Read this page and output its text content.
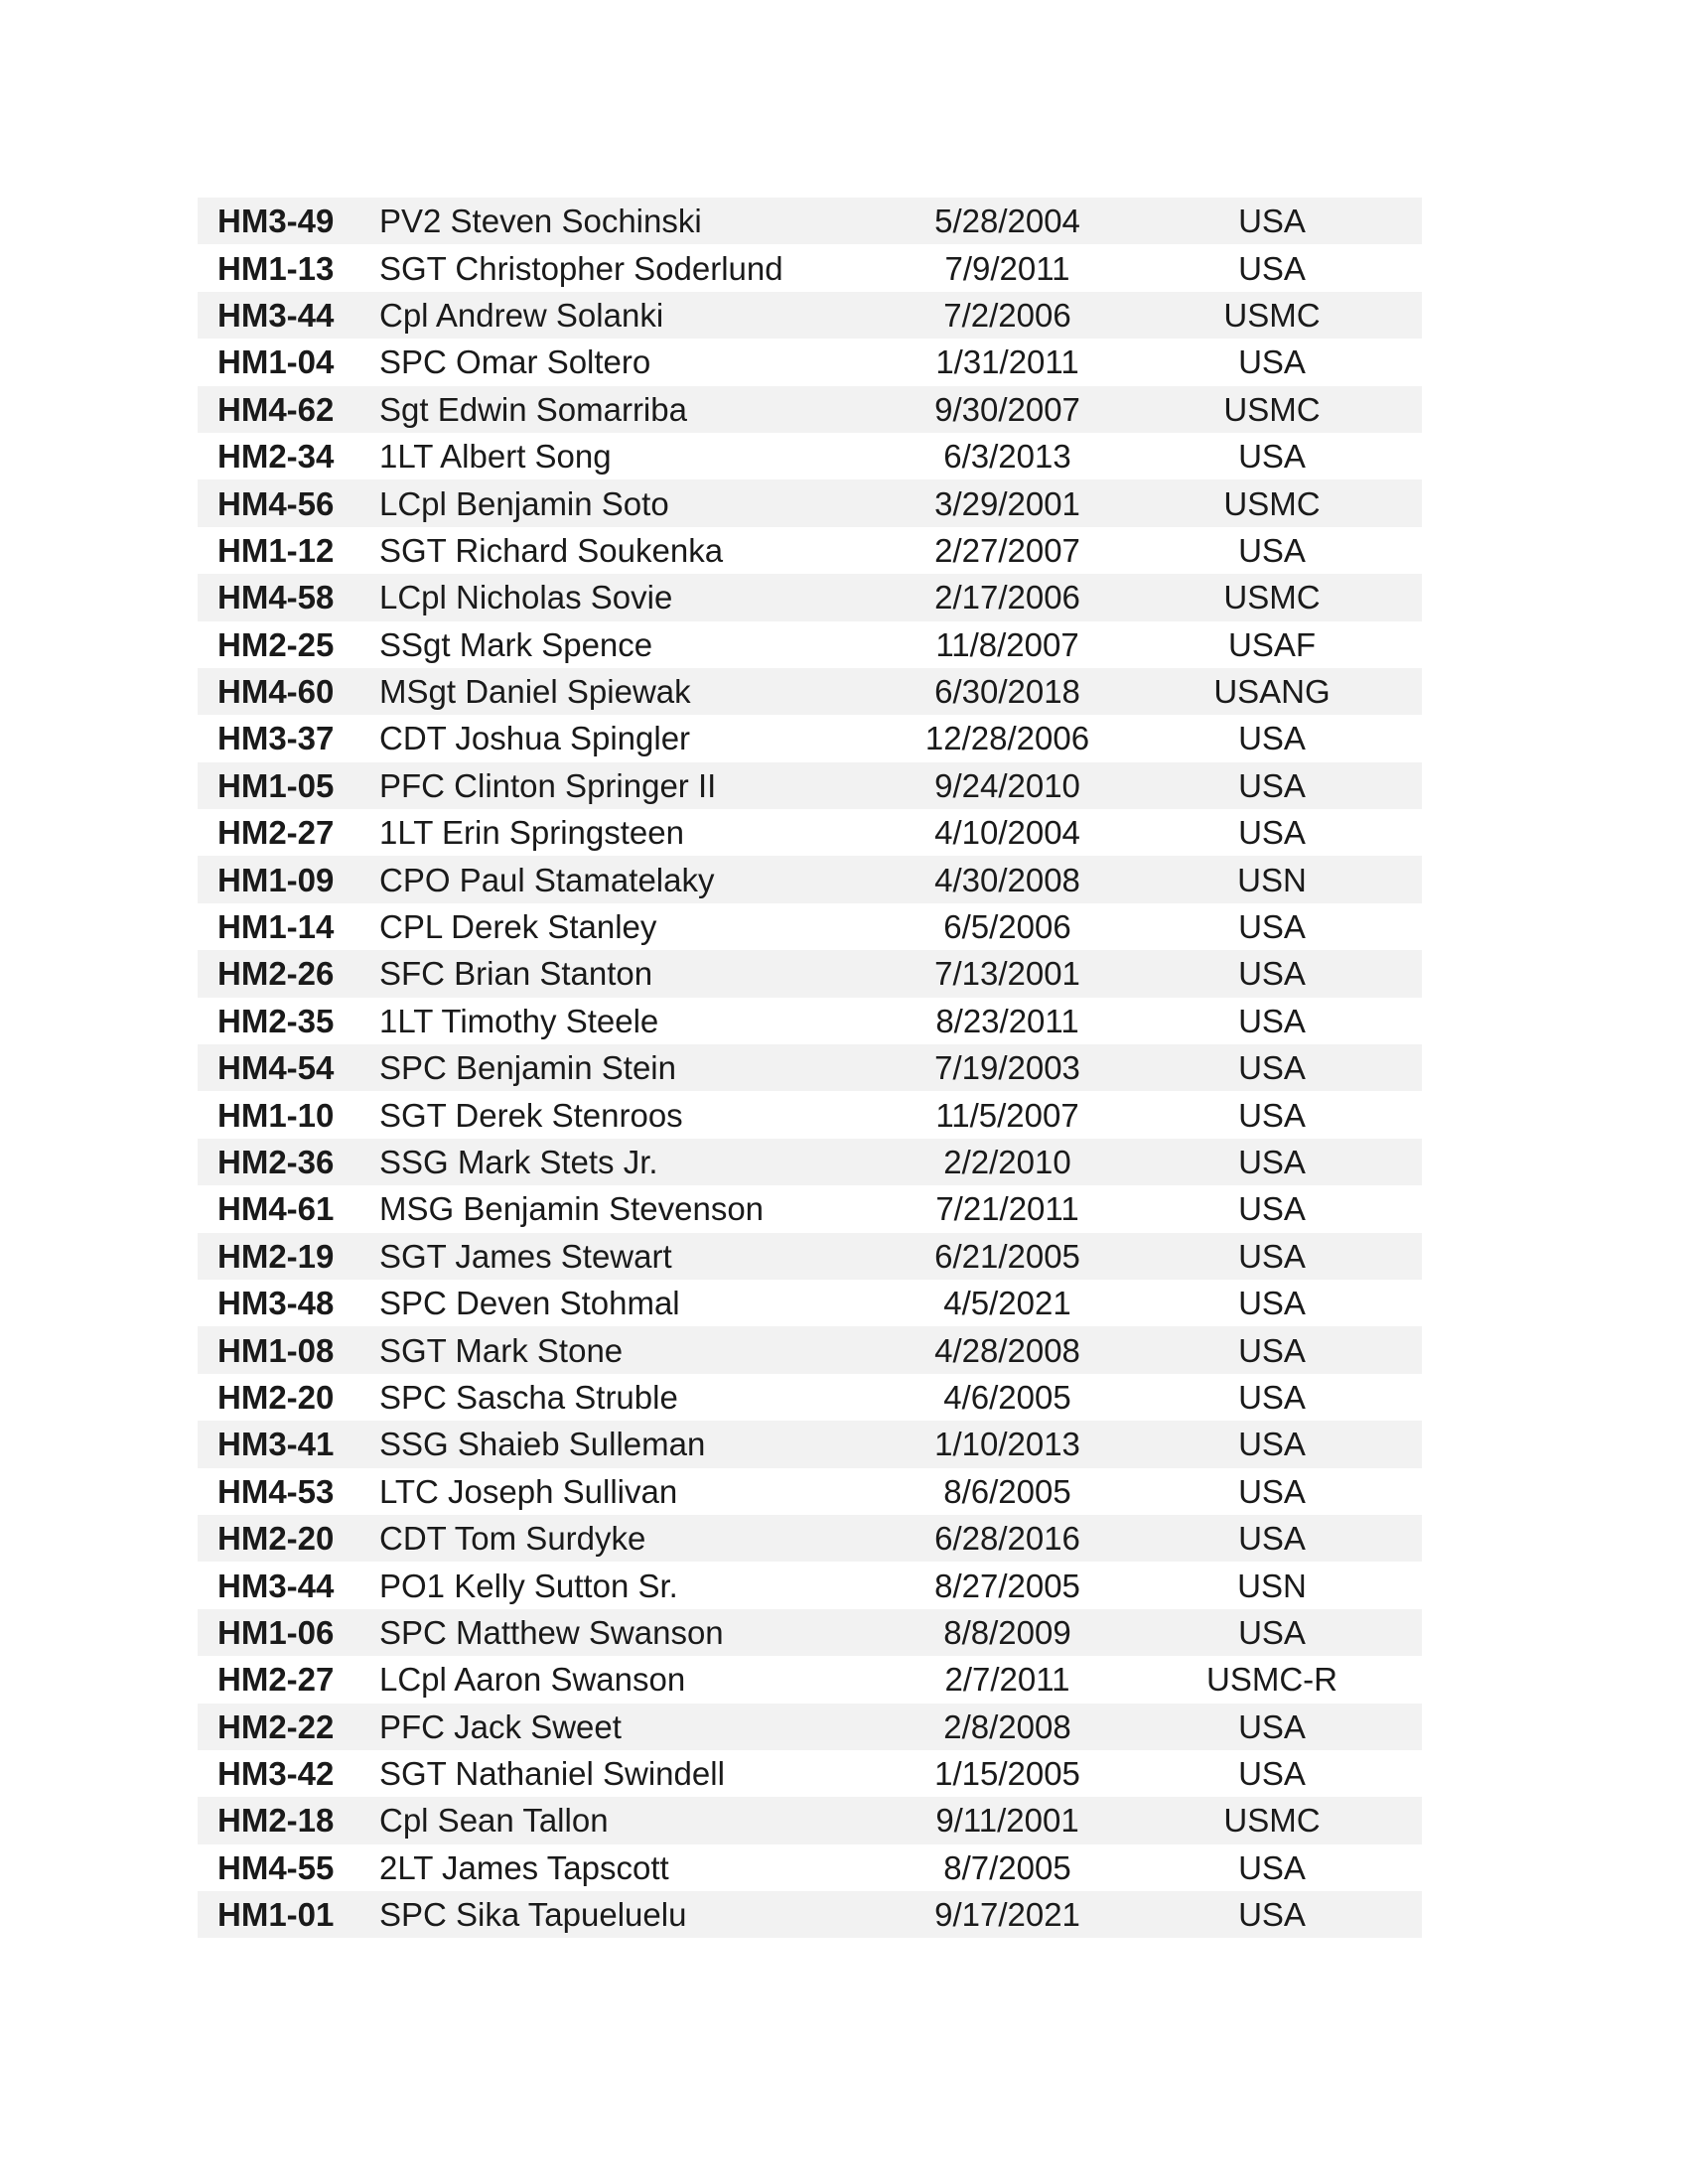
HM3-49	PV2 Steven Sochinski	5/28/2004	USA
HM1-13	SGT Christopher Soderlund	7/9/2011	USA
HM3-44	Cpl Andrew Solanki	7/2/2006	USMC
HM1-04	SPC Omar Soltero	1/31/2011	USA
HM4-62	Sgt Edwin Somarriba	9/30/2007	USMC
HM2-34	1LT Albert Song	6/3/2013	USA
HM4-56	LCpl Benjamin Soto	3/29/2001	USMC
HM1-12	SGT Richard Soukenka	2/27/2007	USA
HM4-58	LCpl Nicholas Sovie	2/17/2006	USMC
HM2-25	SSgt Mark Spence	11/8/2007	USAF
HM4-60	MSgt Daniel Spiewak	6/30/2018	USANG
HM3-37	CDT Joshua Spingler	12/28/2006	USA
HM1-05	PFC Clinton Springer II	9/24/2010	USA
HM2-27	1LT Erin Springsteen	4/10/2004	USA
HM1-09	CPO Paul Stamatelaky	4/30/2008	USN
HM1-14	CPL Derek Stanley	6/5/2006	USA
HM2-26	SFC Brian Stanton	7/13/2001	USA
HM2-35	1LT Timothy Steele	8/23/2011	USA
HM4-54	SPC Benjamin Stein	7/19/2003	USA
HM1-10	SGT Derek Stenroos	11/5/2007	USA
HM2-36	SSG Mark Stets Jr.	2/2/2010	USA
HM4-61	MSG Benjamin Stevenson	7/21/2011	USA
HM2-19	SGT James Stewart	6/21/2005	USA
HM3-48	SPC Deven Stohmal	4/5/2021	USA
HM1-08	SGT Mark Stone	4/28/2008	USA
HM2-20	SPC Sascha Struble	4/6/2005	USA
HM3-41	SSG Shaieb Sulleman	1/10/2013	USA
HM4-53	LTC Joseph Sullivan	8/6/2005	USA
HM2-20	CDT Tom Surdyke	6/28/2016	USA
HM3-44	PO1 Kelly Sutton Sr.	8/27/2005	USN
HM1-06	SPC Matthew Swanson	8/8/2009	USA
HM2-27	LCpl Aaron Swanson	2/7/2011	USMC-R
HM2-22	PFC Jack Sweet	2/8/2008	USA
HM3-42	SGT Nathaniel Swindell	1/15/2005	USA
HM2-18	Cpl Sean Tallon	9/11/2001	USMC
HM4-55	2LT James Tapscott	8/7/2005	USA
HM1-01	SPC Sika Tapueluelu	9/17/2021	USA
